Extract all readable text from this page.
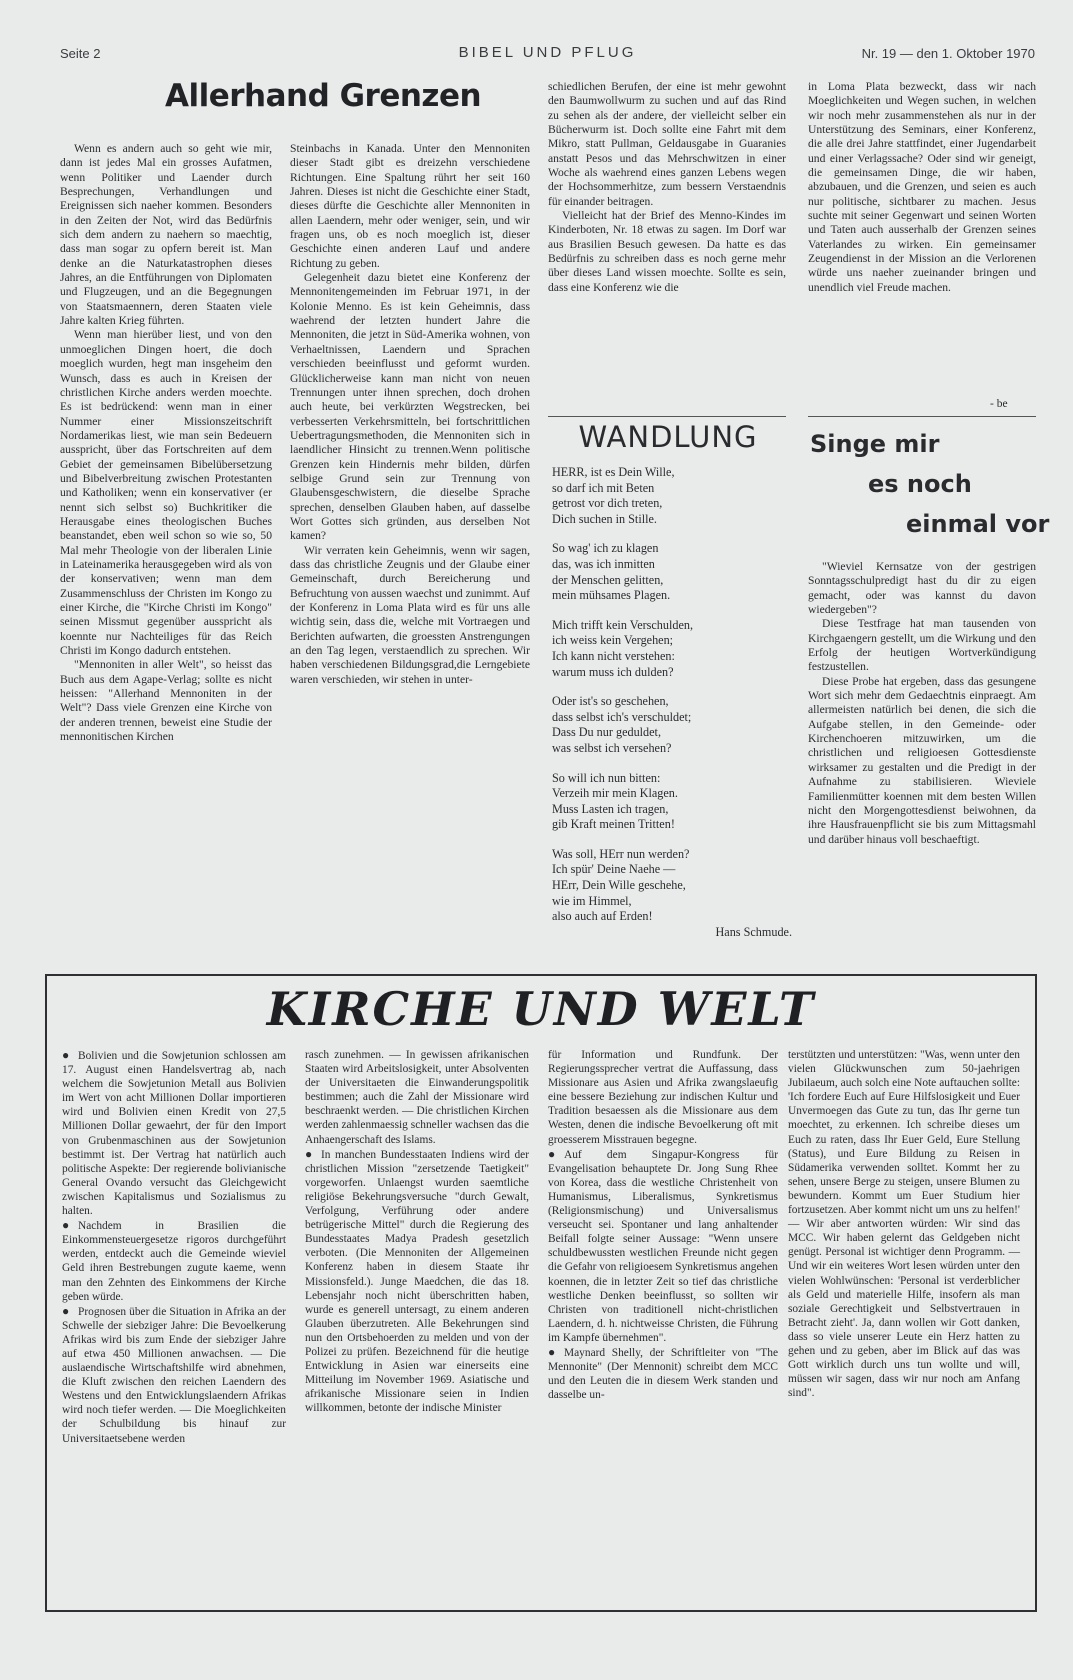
Seite 2	BIBEL UND PFLUG	Nr. 19 — den 1. Oktober 1970
Allerhand Grenzen

Wenn es andern auch so geht wie mir, dann ist jedes Mal ein grosses Aufatmen, wenn Politiker und Laender durch Besprechungen, Verhandlungen und Ereignissen sich naeher kommen. Besonders in den Zeiten der Not, wird das Bedürfnis sich dem andern zu naehern so maechtig, dass man sogar zu opfern bereit ist. Man denke an die Naturkatastrophen dieses Jahres, an die Entführungen von Diplomaten und Flugzeugen, und an die Begegnungen von Staatsmaennern, deren Staaten viele Jahre kalten Krieg führten.

Wenn man hierüber liest, und von den unmoeglichen Dingen hoert, die doch moeglich wurden, hegt man insgeheim den Wunsch, dass es auch in Kreisen der christlichen Kirche anders werden moechte. Es ist bedrückend: wenn man in einer Nummer einer Missionszeitschrift Nordamerikas liest, wie man sein Bedeuern ausspricht, über das Fortschreiten auf dem Gebiet der gemeinsamen Bibelübersetzung und Bibelverbreitung zwischen Protestanten und Katholiken; wenn ein konservativer (er nennt sich selbst so) Buchkritiker die Herausgabe eines theologischen Buches beanstandet, eben weil schon so wie so, 50 Mal mehr Theologie von der liberalen Linie in Lateinamerika herausgegeben wird als von der konservativen; wenn man dem Zusammenschluss der Christen im Kongo zu einer Kirche, die "Kirche Christi im Kongo" seinen Missmut gegenüber ausspricht als koennte nur Nachteiliges für das Reich Christi im Kongo dadurch entstehen.

"Mennoniten in aller Welt", so heisst das Buch aus dem Agape-Verlag; sollte es nicht heissen: "Allerhand Mennoniten in der Welt"? Dass viele Grenzen eine Kirche von der anderen trennen, beweist eine Studie der mennonitischen Kirchen

Steinbachs in Kanada. Unter den Mennoniten dieser Stadt gibt es dreizehn verschiedene Richtungen. Eine Spaltung rührt her seit 160 Jahren. Dieses ist nicht die Geschichte einer Stadt, dieses dürfte die Geschichte aller Mennoniten in allen Laendern, mehr oder weniger, sein, und wir fragen uns, ob es noch moeglich ist, dieser Geschichte einen anderen Lauf und andere Richtung zu geben.

Gelegenheit dazu bietet eine Konferenz der Mennonitengemeinden im Februar 1971, in der Kolonie Menno. Es ist kein Geheimnis, dass waehrend der letzten hundert Jahre die Mennoniten, die jetzt in Süd-Amerika wohnen, von Verhaeltnissen, Laendern und Sprachen verschieden beeinflusst und geformt wurden. Glücklicherweise kann man nicht von neuen Trennungen unter ihnen sprechen, doch drohen auch heute, bei verkürzten Wegstrecken, bei verbesserten Verkehrsmitteln, bei fortschrittlichen Uebertragungsmethoden, die Mennoniten sich in laendlicher Hinsicht zu trennen.Wenn politische Grenzen kein Hindernis mehr bilden, dürfen selbige Grund sein zur Trennung von Glaubensgeschwistern, die dieselbe Sprache sprechen, denselben Glauben haben, auf dasselbe Wort Gottes sich gründen, aus derselben Not kamen?

Wir verraten kein Geheimnis, wenn wir sagen, dass das christliche Zeugnis und der Glaube einer Gemeinschaft, durch Bereicherung und Befruchtung von aussen waechst und zunimmt. Auf der Konferenz in Loma Plata wird es für uns alle wichtig sein, dass die, welche mit Vortraegen und Berichten aufwarten, die groessten Anstrengungen an den Tag legen, verstaendlich zu sprechen. Wir haben verschiedenen Bildungsgrad,die Lerngebiete waren verschieden, wir stehen in unter-

schiedlichen Berufen, der eine ist mehr gewohnt den Baumwollwurm zu suchen und auf das Rind zu sehen als der andere, der vielleicht selber ein Bücherwurm ist. Doch sollte eine Fahrt mit dem Mikro, statt Pullman, Geldausgabe in Guaranies anstatt Pesos und das Mehrschwitzen in einer Woche als waehrend eines ganzen Lebens wegen der Hochsommerhitze, zum bessern Verstaendnis für einander beitragen.

Vielleicht hat der Brief des Menno-Kindes im Kinderboten, Nr. 18 etwas zu sagen. Im Dorf war aus Brasilien Besuch gewesen. Da hatte es das Bedürfnis zu schreiben dass es noch gerne mehr über dieses Land wissen moechte. Sollte es sein, dass eine Konferenz wie die

in Loma Plata bezweckt, dass wir nach Moeglichkeiten und Wegen suchen, in welchen wir noch mehr zusammenstehen als nur in der Unterstützung des Seminars, einer Konferenz, die alle drei Jahre stattfindet, einer Jugendarbeit und einer Verlagssache? Oder sind wir geneigt, die gemeinsamen Dinge, die wir haben, abzubauen, und die Grenzen, und seien es auch nur politische, sichtbarer zu machen. Jesus suchte mit seiner Gegenwart und seinen Worten und Taten auch ausserhalb der Grenzen seines Vaterlandes zu wirken. Ein gemeinsamer Zeugendienst in der Mission an die Verlorenen würde uns naeher zueinander bringen und unendlich viel Freude machen.

- be
WANDLUNG
HERR, ist es Dein Wille,
so darf ich mit Beten
getrost vor dich treten,
Dich suchen in Stille.
So wag' ich zu klagen
das, was ich inmitten
der Menschen gelitten,
mein mühsames Plagen.
Mich trifft kein Verschulden,
ich weiss kein Vergehen;
Ich kann nicht verstehen:
warum muss ich dulden?
Oder ist's so geschehen,
dass selbst ich's verschuldet;
Dass Du nur geduldet,
was selbst ich versehen?
So will ich nun bitten:
Verzeih mir mein Klagen.
Muss Lasten ich tragen,
gib Kraft meinen Tritten!
Was soll, HErr nun werden?
Ich spür' Deine Naehe —
HErr, Dein Wille geschehe,
wie im Himmel,
also auch auf Erden!
Hans Schmude.
Singe mir
es noch
einmal vor

"Wieviel Kernsatze von der gestrigen Sonntagsschulpredigt hast du dir zu eigen gemacht, oder was kannst du davon wiedergeben"?

Diese Testfrage hat man tausenden von Kirchgaengern gestellt, um die Wirkung und den Erfolg der heutigen Wortverkündigung festzustellen.

Diese Probe hat ergeben, dass das gesungene Wort sich mehr dem Gedaechtnis einpraegt. Am allermeisten natürlich bei denen, die sich die Aufgabe stellen, in den Gemeinde- oder Kirchenchoeren mitzuwirken, um die christlichen und religioesen Gottesdienste wirksamer zu gestalten und die Predigt in der Aufnahme zu stabilisieren. Wieviele Familienmütter koennen mit dem besten Willen nicht den Morgengottesdienst beiwohnen, da ihre Hausfrauenpflicht sie bis zum Mittagsmahl und darüber hinaus voll beschaeftigt.

KIRCHE UND WELT

● Bolivien und die Sowjetunion schlossen am 17. August einen Handelsvertrag ab, nach welchem die Sowjetunion Metall aus Bolivien im Wert von acht Millionen Dollar importieren wird und Bolivien einen Kredit von 27,5 Millionen Dollar gewaehrt, der für den Import von Grubenmaschinen aus der Sowjetunion bestimmt ist. Der Vertrag hat natürlich auch politische Aspekte: Der regierende bolivianische General Ovando versucht das Gleichgewicht zwischen Kapitalismus und Sozialismus zu halten.

● Nachdem in Brasilien die Einkommensteuergesetze rigoros durchgeführt werden, entdeckt auch die Gemeinde wieviel Geld ihren Bestrebungen zugute kaeme, wenn man den Zehnten des Einkommens der Kirche geben würde.

● Prognosen über die Situation in Afrika an der Schwelle der siebziger Jahre: Die Bevoelkerung Afrikas wird bis zum Ende der siebziger Jahre auf etwa 450 Millionen anwachsen. — Die auslaendische Wirtschaftshilfe wird abnehmen, die Kluft zwischen den reichen Laendern des Westens und den Entwicklungslaendern Afrikas wird noch tiefer werden. — Die Moeglichkeiten der Schulbildung bis hinauf zur Universitaetsebene werden

rasch zunehmen. — In gewissen afrikanischen Staaten wird Arbeitslosigkeit, unter Absolventen der Universitaeten die Einwanderungspolitik bestimmen; auch die Zahl der Missionare wird beschraenkt werden. — Die christlichen Kirchen werden zahlenmaessig schneller wachsen das die Anhaengerschaft des Islams.

● In manchen Bundesstaaten Indiens wird der christlichen Mission "zersetzende Taetigkeit" vorgeworfen. Unlaengst wurden saemtliche religiöse Bekehrungsversuche "durch Gewalt, Verfolgung, Verführung oder andere betrügerische Mittel" durch die Regierung des Bundesstaates Madya Pradesh gesetzlich verboten. (Die Mennoniten der Allgemeinen Konferenz haben in diesem Staate ihr Missionsfeld.). Junge Maedchen, die das 18. Lebensjahr noch nicht überschritten haben, wurde es generell untersagt, zu einem anderen Glauben überzutreten. Alle Bekehrungen sind nun den Ortsbehoerden zu melden und von der Polizei zu prüfen. Bezeichnend für die heutige Entwicklung in Asien war einerseits eine Mitteilung im November 1969. Asiatische und afrikanische Missionare seien in Indien willkommen, betonte der indische Minister

für Information und Rundfunk. Der Regierungssprecher vertrat die Auffassung, dass Missionare aus Asien und Afrika zwangslaeufig eine bessere Beziehung zur indischen Kultur und Tradition besaessen als die Missionare aus dem Westen, denen die indische Bevoelkerung oft mit groesserem Misstrauen begegne.

● Auf dem Singapur-Kongress für Evangelisation behauptete Dr. Jong Sung Rhee von Korea, dass die westliche Christenheit von Humanismus, Liberalismus, Synkretismus (Religionsmischung) und Universalismus verseucht sei. Spontaner und lang anhaltender Beifall folgte seiner Aussage: "Wenn unsere schuldbewussten westlichen Freunde nicht gegen die Gefahr von religioesem Synkretismus angehen koennen, die in letzter Zeit so tief das christliche westliche Denken beeinflusst, so sollten wir Christen von traditionell nicht-christlichen Laendern, d. h. nichtweisse Christen, die Führung im Kampfe übernehmen".

● Maynard Shelly, der Schriftleiter von "The Mennonite" (Der Mennonit) schreibt dem MCC und den Leuten die in diesem Werk standen und dasselbe un-

terstützten und unterstützen: "Was, wenn unter den vielen Glückwunschen zum 50-jaehrigen Jubilaeum, auch solch eine Note auftauchen sollte: 'Ich fordere Euch auf Eure Hilfslosigkeit und Euer Unvermoegen das Gute zu tun, das Ihr gerne tun moechtet, zu erkennen. Ich schreibe dieses um Euch zu raten, dass Ihr Euer Geld, Eure Stellung (Status), und Eure Bildung zu Reisen in Südamerika verwenden solltet. Kommt her zu sehen, unsere Berge zu steigen, unsere Blumen zu bewundern. Kommt um Euer Studium hier fortzusetzen. Aber kommt nicht um uns zu helfen!' — Wir aber antworten würden: Wir sind das MCC. Wir haben gelernt das Geldgeben nicht genügt. Personal ist wichtiger denn Programm. — Und wir ein weiteres Wort lesen würden unter den vielen Wohlwünschen: 'Personal ist verderblicher als Geld und materielle Hilfe, insofern als man soziale Gerechtigkeit und Selbstvertrauen in Betracht zieht'. Ja, dann wollen wir Gott danken, dass so viele unserer Leute ein Herz hatten zu gehen und zu geben, aber im Blick auf das was Gott wirklich durch uns tun wollte und will, müssen wir sagen, dass wir nur noch am Anfang sind".
